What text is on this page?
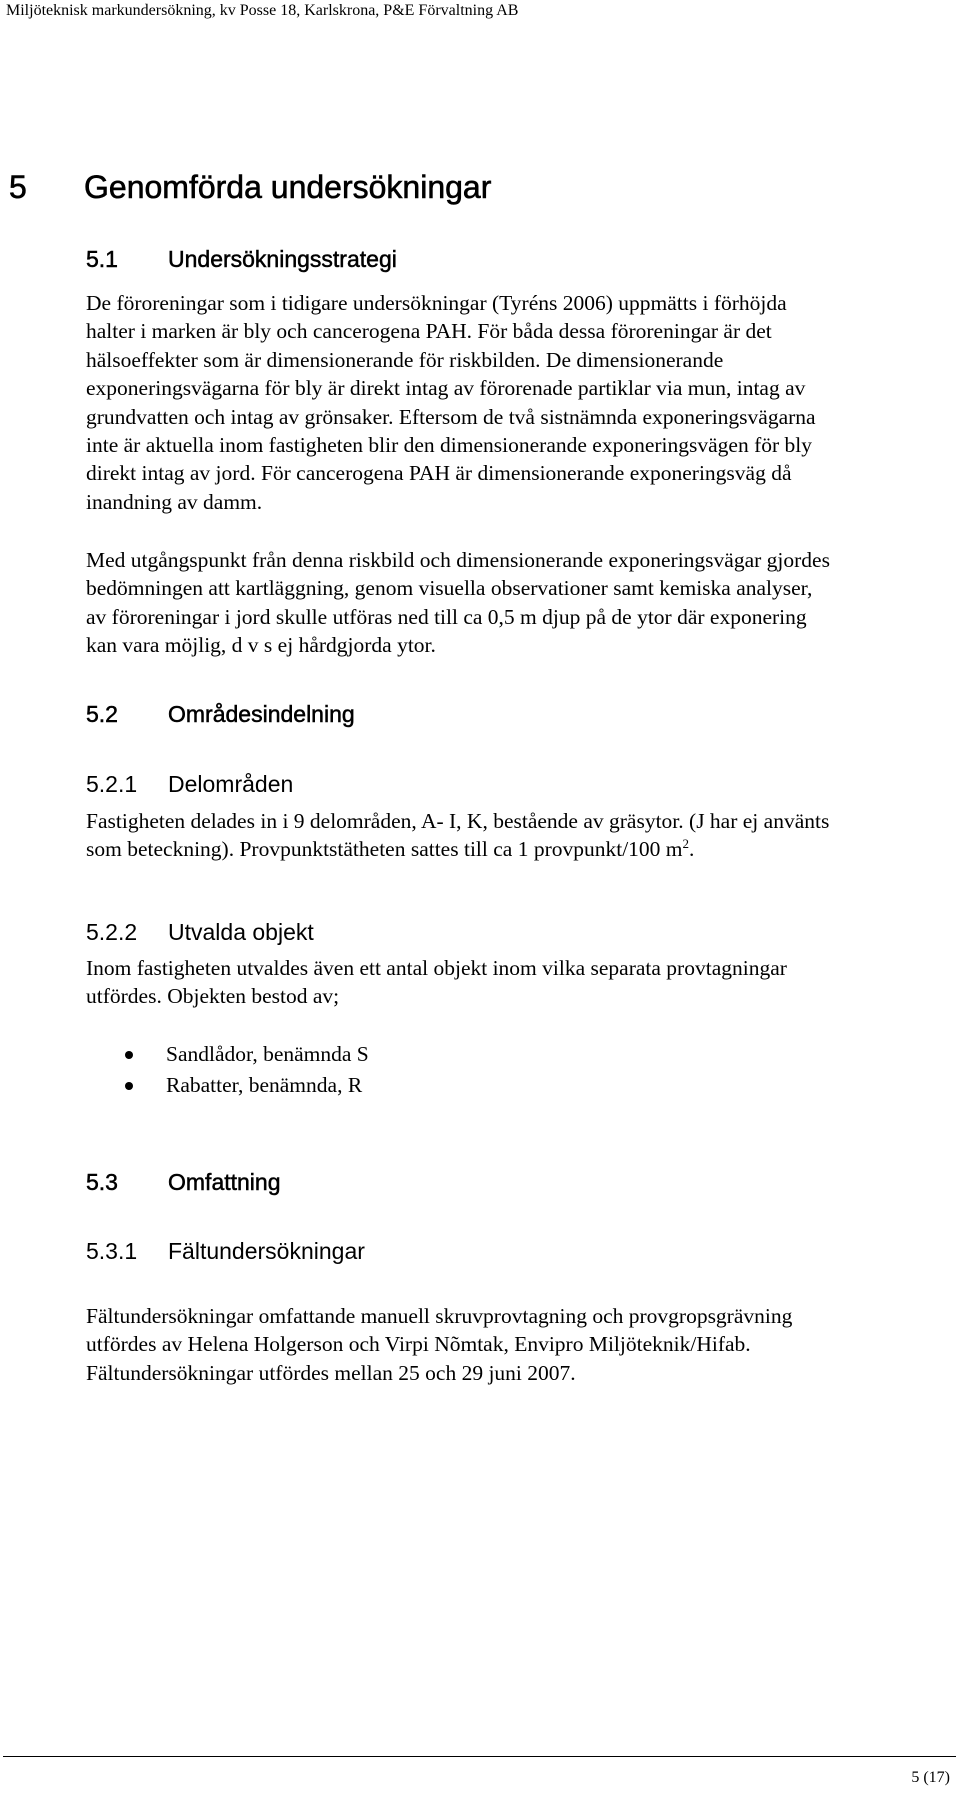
Miljöteknisk markundersökning, kv Posse 18, Karlskrona, P&E Förvaltning AB
5 Genomförda undersökningar
5.1 Undersökningsstrategi
De föroreningar som i tidigare undersökningar (Tyréns 2006) uppmätts i förhöjda
halter i marken är bly och cancerogena PAH. För båda dessa föroreningar är det
hälsoeffekter som är dimensionerande för riskbilden. De dimensionerande
exponeringsvägarna för bly är direkt intag av förorenade partiklar via mun, intag av
grundvatten och intag av grönsaker. Eftersom de två sistnämnda exponeringsvägarna
inte är aktuella inom fastigheten blir den dimensionerande exponeringsvägen för bly
direkt intag av jord. För cancerogena PAH är dimensionerande exponeringsväg då
inandning av damm.
Med utgångspunkt från denna riskbild och dimensionerande exponeringsvägar gjordes
bedömningen att kartläggning, genom visuella observationer samt kemiska analyser,
av föroreningar i jord skulle utföras ned till ca 0,5 m djup på de ytor där exponering
kan vara möjlig, d v s ej hårdgjorda ytor.
5.2 Områdesindelning
5.2.1 Delområden
Fastigheten delades in i 9 delområden, A- I, K, bestående av gräsytor. (J har ej använts
som beteckning). Provpunktstätheten sattes till ca 1 provpunkt/100 $m^2$.
5.2.2 Utvalda objekt
Inom fastigheten utvaldes även ett antal objekt inom vilka separata provtagningar
utfördes. Objekten bestod av;
Sandlådor, benämnda S
Rabatter, benämnda, R
5.3 Omfattning
5.3.1 Fältundersökningar
Fältundersökningar omfattande manuell skruvprovtagning och provgropsgrävning
utfördes av Helena Holgerson och Virpi Nõmtak, Envipro Miljöteknik/Hifab.
Fältundersökningar utfördes mellan 25 och 29 juni 2007.
5 (17)
